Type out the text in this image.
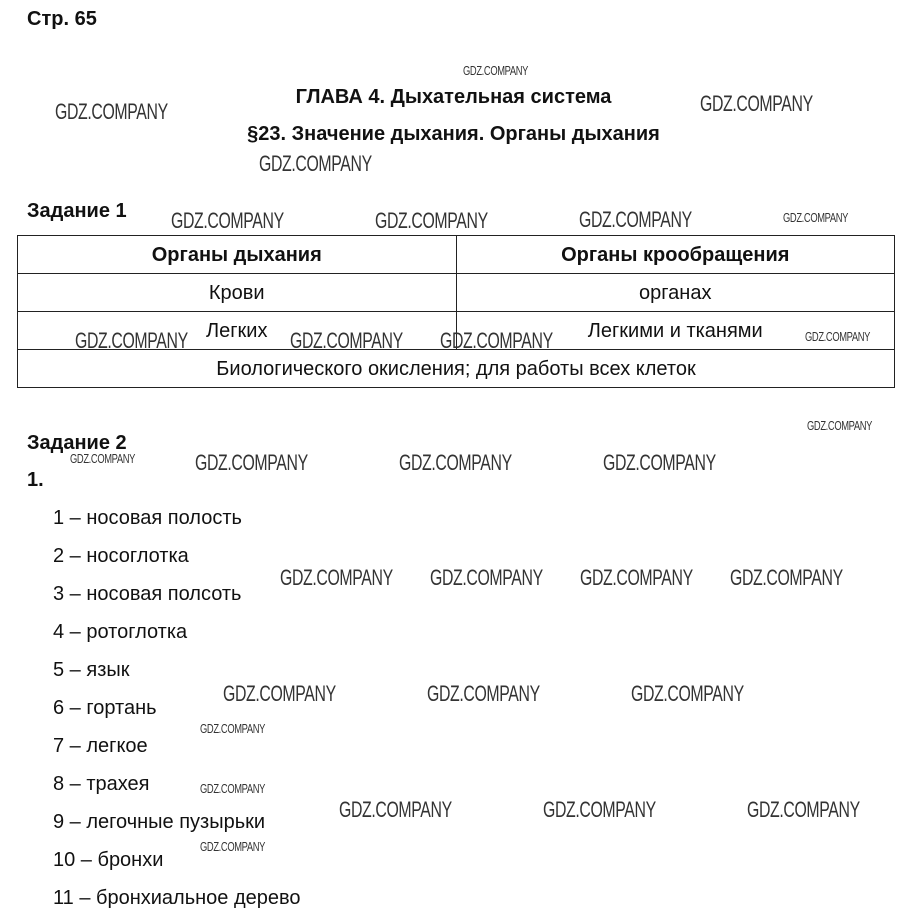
Стр. 65
ГЛАВА 4. Дыхательная система
§23. Значение дыхания. Органы дыхания
Задание 1
Органы дыхания	Органы крообращения
Крови	органах
Легких	Легкими и тканями
Биологического окисления; для работы всех клеток	
Задание 2
1.
1 – носовая полость
2 – носоглотка
3 – носовая полсоть
4 – ротоглотка
5 – язык
6 – гортань
7 – легкое
8 – трахея
9 – легочные пузырьки
10 – бронхи
11 – бронхиальное дерево
GDZ.COMPANY
GDZ.COMPANY
GDZ.COMPANY
GDZ.COMPANY	GDZ.COMPANY	GDZ.COMPANY
GDZ.COMPANY	GDZ.COMPANY GDZ.COMPANY
GDZ.COMPANY	GDZ.COMPANY	GDZ.COMPANY
GDZ.COMPANY GDZ.COMPANY GDZ.COMPANY GDZ.COMPANY
GDZ.COMPANY	GDZ.COMPANY	GDZ.COMPANY
GDZ.COMPANY	GDZ.COMPANY	GDZ.COMPANY
GDZ.COMPANY
GDZ.COMPANY
GDZ.COMPANY
GDZ.COMPANY
GDZ.COMPANY
GDZ.COMPANY
GDZ.COMPANY
GDZ.COMPANY
